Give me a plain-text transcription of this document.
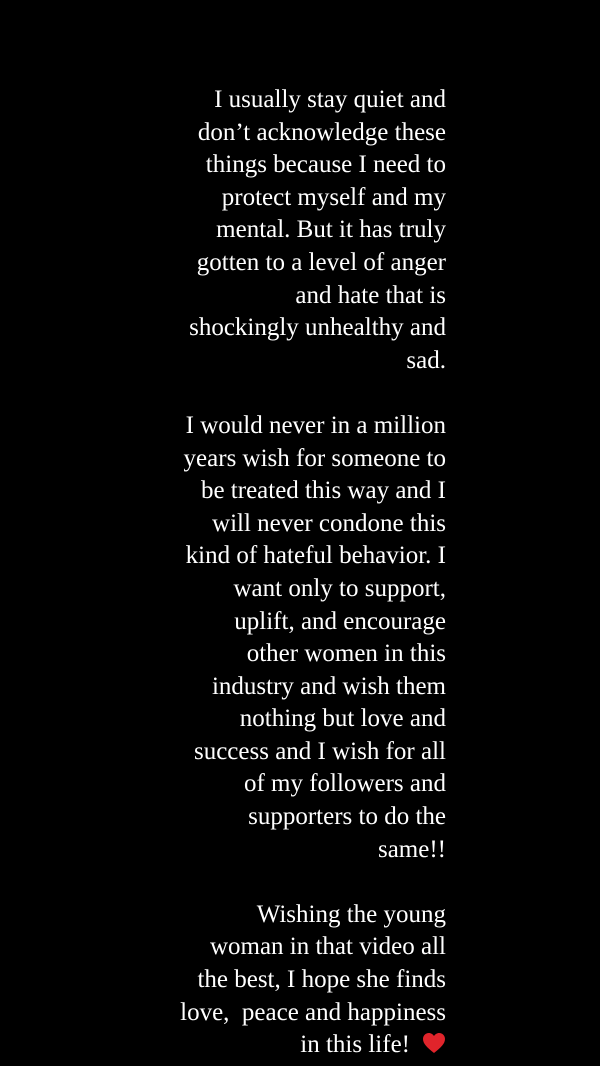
I usually stay quiet and
don’t acknowledge these
things because I need to
protect myself and my
mental. But it has truly
gotten to a level of anger
and hate that is
shockingly unhealthy and
sad.

I would never in a million
years wish for someone to
be treated this way and I
will never condone this
kind of hateful behavior. I
want only to support,
uplift, and encourage
other women in this
industry and wish them
nothing but love and
success and I wish for all
of my followers and
supporters to do the
same!!

Wishing the young
woman in that video all
the best, I hope she finds
love,  peace and happiness
in this life!
